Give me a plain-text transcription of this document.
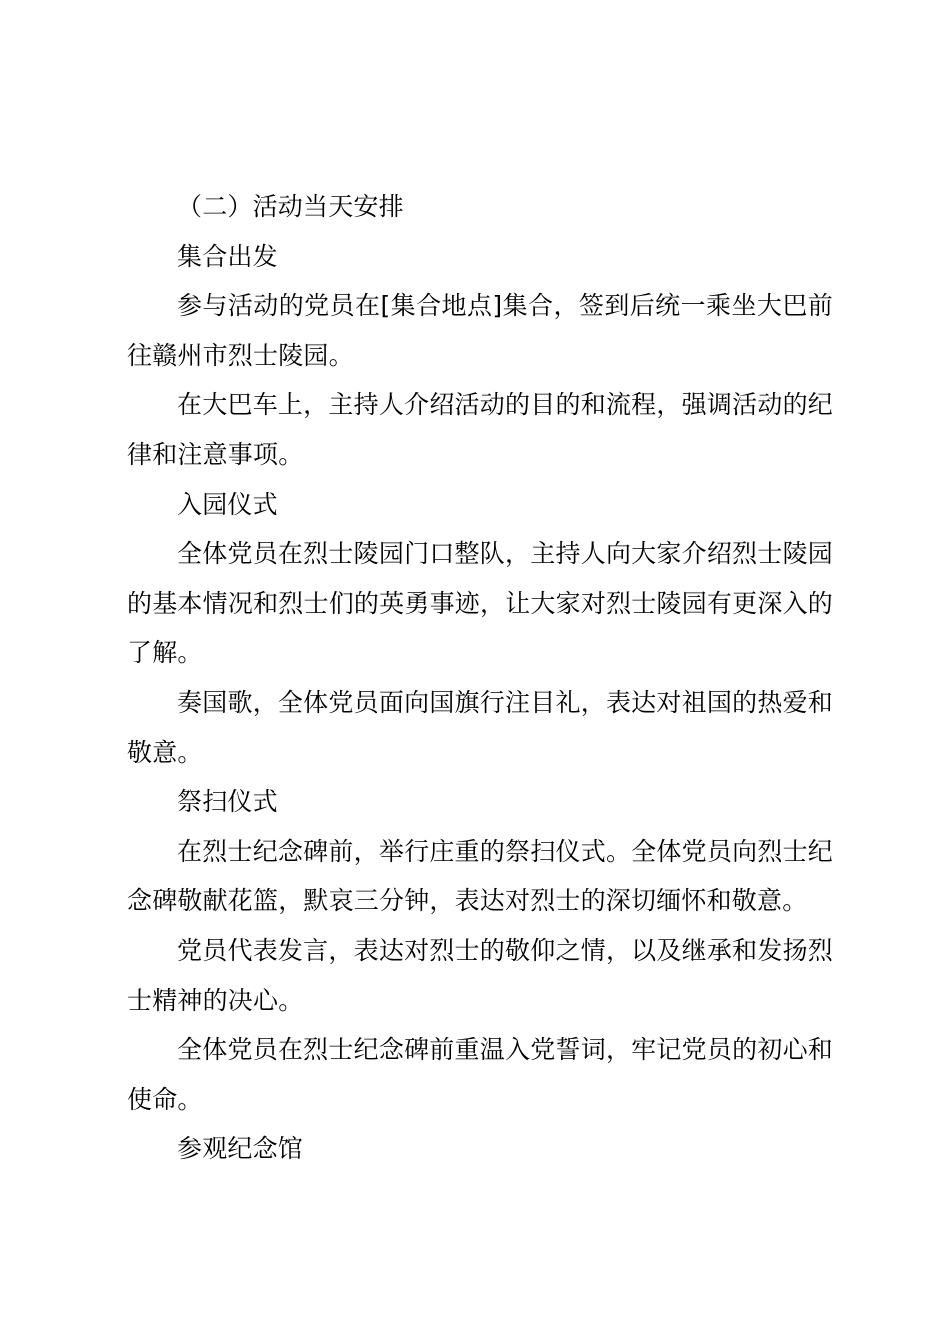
（二）活动当天安排

集合出发

参与活动的党员在[集合地点]集合，签到后统一乘坐大巴前往赣州市烈士陵园。

在大巴车上，主持人介绍活动的目的和流程，强调活动的纪律和注意事项。

入园仪式

全体党员在烈士陵园门口整队，主持人向大家介绍烈士陵园的基本情况和烈士们的英勇事迹，让大家对烈士陵园有更深入的了解。

奏国歌，全体党员面向国旗行注目礼，表达对祖国的热爱和敬意。

祭扫仪式

在烈士纪念碑前，举行庄重的祭扫仪式。全体党员向烈士纪念碑敬献花篮，默哀三分钟，表达对烈士的深切缅怀和敬意。

党员代表发言，表达对烈士的敬仰之情，以及继承和发扬烈士精神的决心。

全体党员在烈士纪念碑前重温入党誓词，牢记党员的初心和使命。

参观纪念馆
